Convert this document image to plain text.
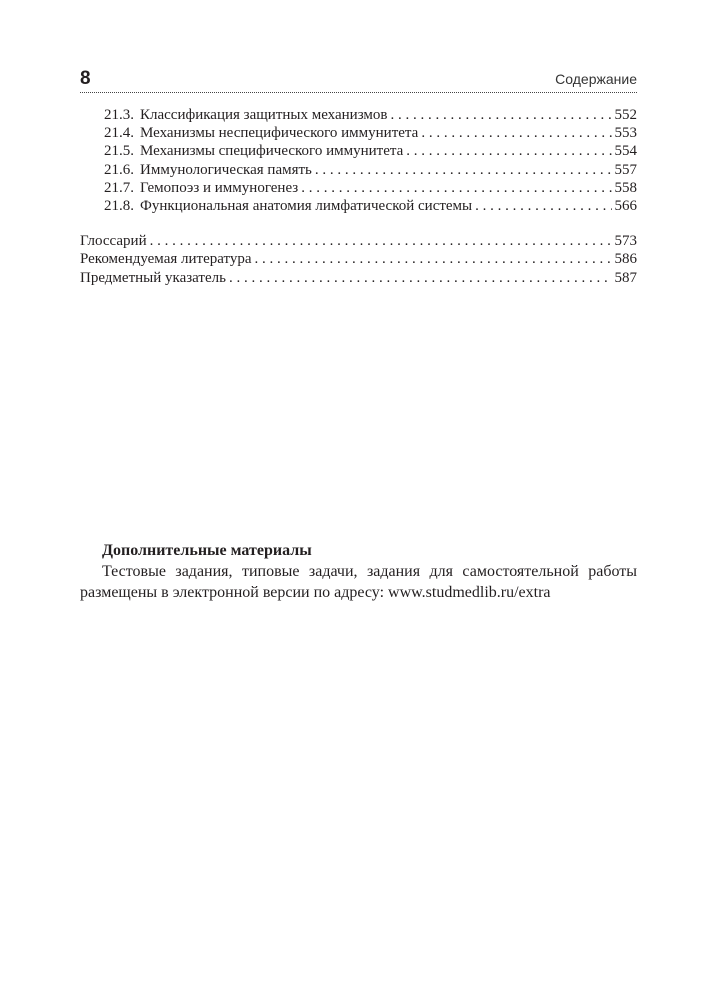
8	Содержание
21.3. Классификация защитных механизмов . . .	552
21.4. Механизмы неспецифического иммунитета . . .	553
21.5. Механизмы специфического иммунитета . . .	554
21.6. Иммунологическая память . . .	557
21.7. Гемопоэз и иммуногенез . . .	558
21.8. Функциональная анатомия лимфатической системы . . .	566
Глоссарий . . .	573
Рекомендуемая литература . . .	586
Предметный указатель . . .	587
Дополнительные материалы
Тестовые задания, типовые задачи, задания для самостоятельной работы размещены в электронной версии по адресу: www.studmedlib.ru/extra
